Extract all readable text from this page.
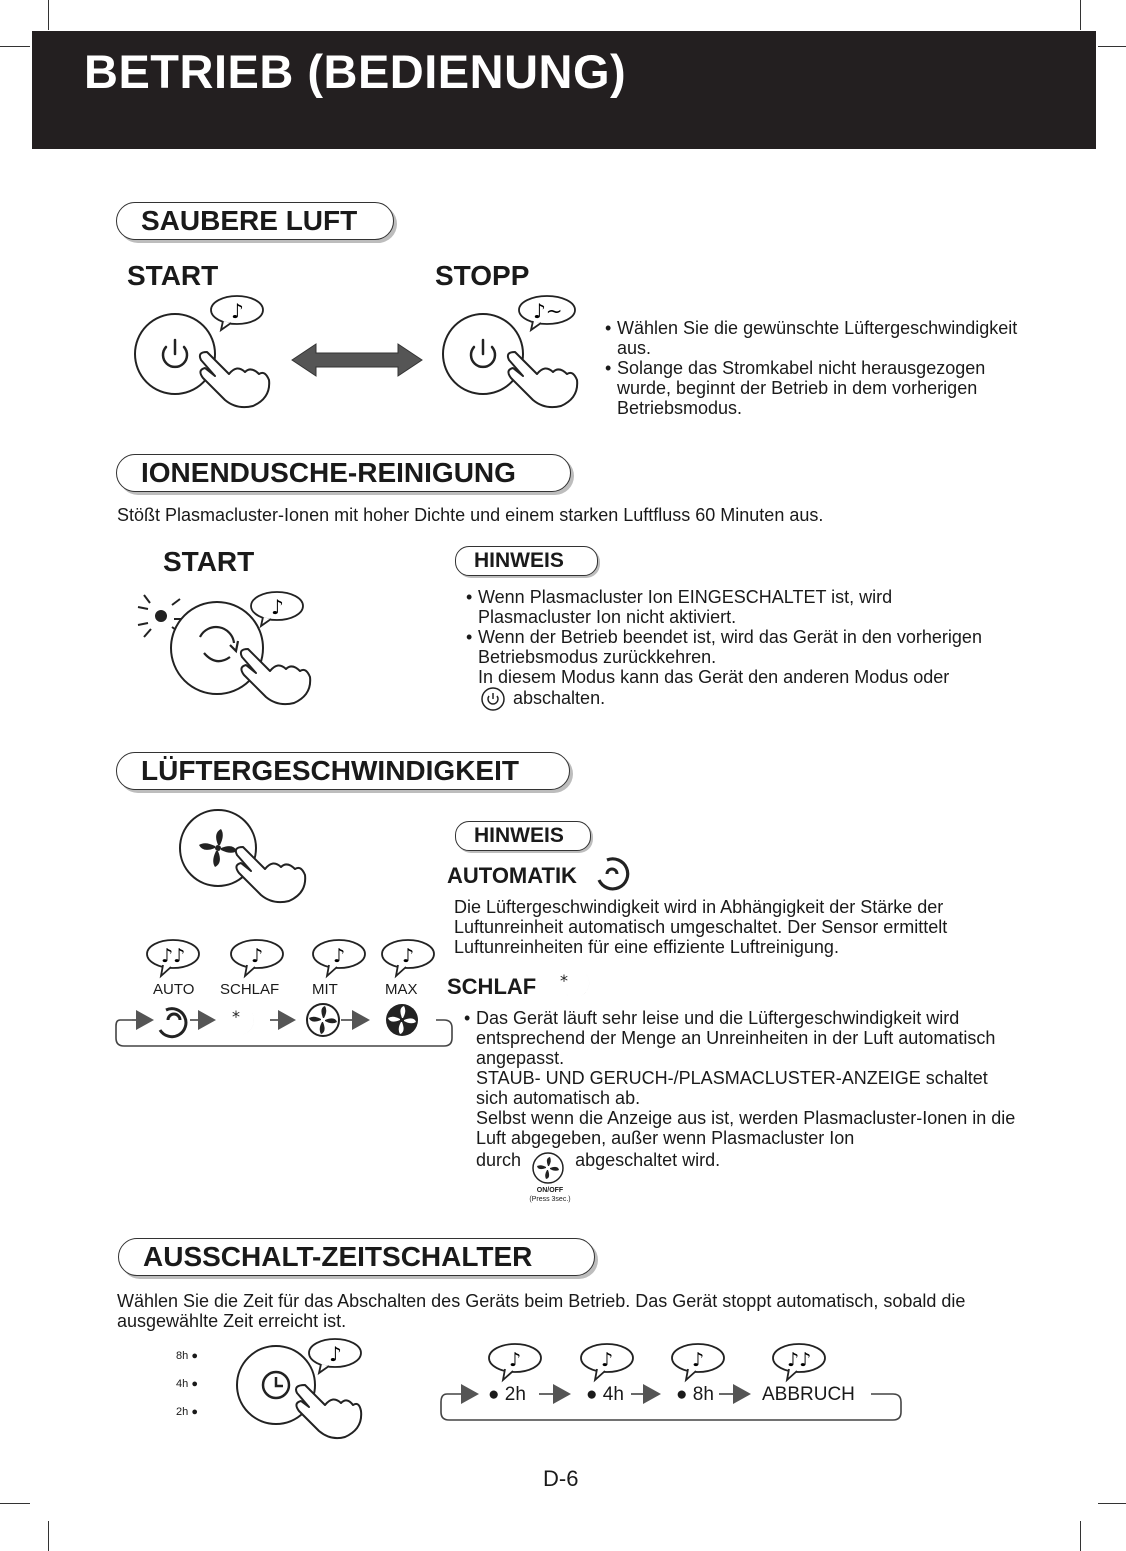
BETRIEB (BEDIENUNG)
SAUBERE LUFT
START	STOPP
♪	♪~
• Wählen Sie die gewünschte Lüftergeschwindigkeit aus.
• Solange das Stromkabel nicht herausgezogen wurde, beginnt der Betrieb in dem vorherigen Betriebsmodus.
IONENDUSCHE-REINIGUNG

Stößt Plasmacluster-Ionen mit hoher Dichte und einem starken Luftfluss 60 Minuten aus.

START
♪
HINWEIS
• Wenn Plasmacluster Ion EINGESCHALTET ist, wird Plasmacluster Ion nicht aktiviert.
• Wenn der Betrieb beendet ist, wird das Gerät in den vorherigen Betriebsmodus zurückkehren.
In diesem Modus kann das Gerät den anderen Modus oder
abschalten.
LÜFTERGESCHWINDIGKEIT
♪♪	♪	♪	♪
AUTO SCHLAF MIT	MAX
*
HINWEIS
AUTOMATIK

Die Lüftergeschwindigkeit wird in Abhängigkeit der Stärke der Luftunreinheit automatisch umgeschaltet. Der Sensor ermittelt Luftunreinheiten für eine effiziente Luftreinigung.

SCHLAF *
• Das Gerät läuft sehr leise und die Lüftergeschwindigkeit wird entsprechend der Menge an Unreinheiten in der Luft automatisch angepasst.
STAUB- UND GERUCH-/PLASMACLUSTER-ANZEIGE schaltet sich automatisch ab.
Selbst wenn die Anzeige aus ist, werden Plasmacluster-Ionen in die Luft abgegeben, außer wenn Plasmacluster Ion
durch	abgeschaltet wird.
ON/OFF
(Press 3sec.)
AUSSCHALT-ZEITSCHALTER

Wählen Sie die Zeit für das Abschalten des Geräts beim Betrieb. Das Gerät stoppt automatisch, sobald die ausgewählte Zeit erreicht ist.

8h ●
4h ●
2h ●
♪	♪	♪	♪	♪♪
● 2h	● 4h	● 8h	ABBRUCH
D-6
